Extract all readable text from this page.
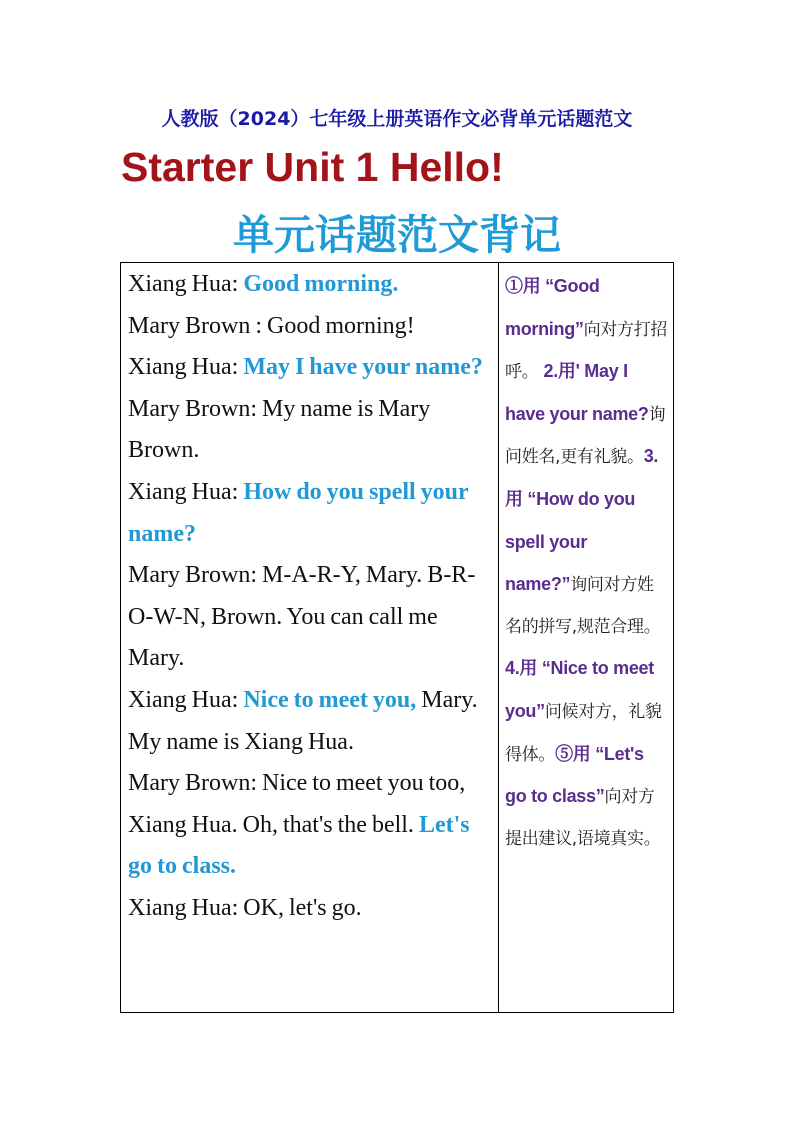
人教版（2024）七年级上册英语作文必背单元话题范文
Starter Unit 1 Hello!
单元话题范文背记

Xiang Hua: Good morning.
Mary Brown : Good morning!
Xiang Hua: May I have your name?
Mary Brown: My name is Mary Brown.
Xiang Hua: How do you spell your name?
Mary Brown: M-A-R-Y, Mary. B-R-O-W-N, Brown. You can call me Mary.
Xiang Hua: Nice to meet you, Mary. My name is Xiang Hua.
Mary Brown: Nice to meet you too, Xiang Hua. Oh, that's the bell. Let's go to class.
Xiang Hua: OK, let's go.

①用 “Good morning”向对方打招呼。 2.用' May I have your name?询问姓名,更有礼貌。3.用 “How do you spell your name?”询问对方姓名的拼写,规范合理。 4.用 “Nice to meet you”问候对方，礼貌得体。⑤用 “Let's go to class”向对方提出建议,语境真实。
